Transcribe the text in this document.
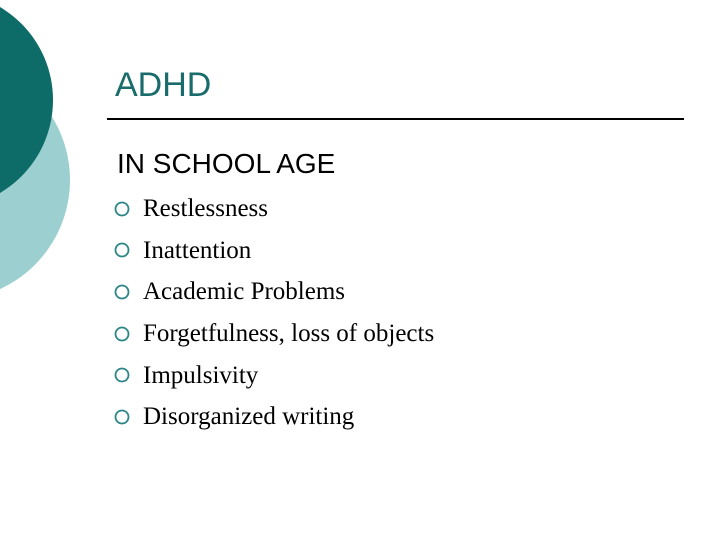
ADHD
IN SCHOOL AGE
Restlessness
Inattention
Academic Problems
Forgetfulness, loss of objects
Impulsivity
Disorganized writing
